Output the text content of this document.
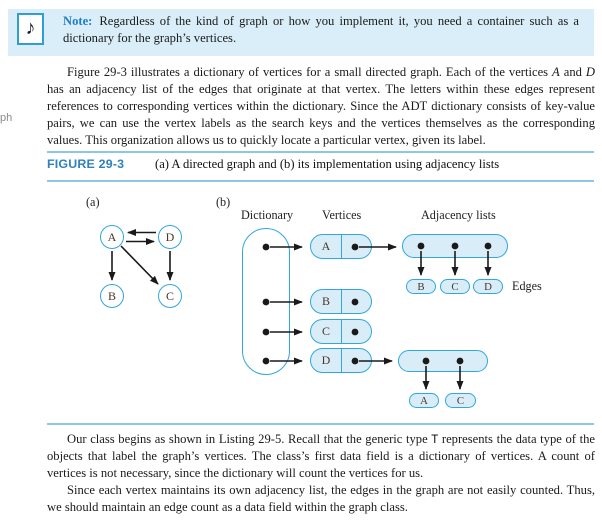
♪ Note: Regardless of the kind of graph or how you implement it, you need a container such as a dictionary for the graph’s vertices.
ph

Figure 29-3 illustrates a dictionary of vertices for a small directed graph. Each of the vertices A and D has an adjacency list of the edges that originate at that vertex. The letters within these edges represent references to corresponding vertices within the dictionary. Since the ADT dictionary consists of key-value pairs, we can use the vertex labels as the search keys and the vertices themselves as the corresponding values. This organization allows us to quickly locate a particular vertex, given its label.

FIGURE 29-3 (a) A directed graph and (b) its implementation using adjacency lists
(a)	(b)
A	D
B	C
Dictionary Vertices	Adjacency lists
A
B
C
D
B	C	D	Edges
A	C

Our class begins as shown in Listing 29-5. Recall that the generic type T represents the data type of the objects that label the graph’s vertices. The class’s first data field is a dictionary of vertices. A count of vertices is not necessary, since the dictionary will count the vertices for us.
Since each vertex maintains its own adjacency list, the edges in the graph are not easily counted. Thus, we should maintain an edge count as a data field within the graph class.
